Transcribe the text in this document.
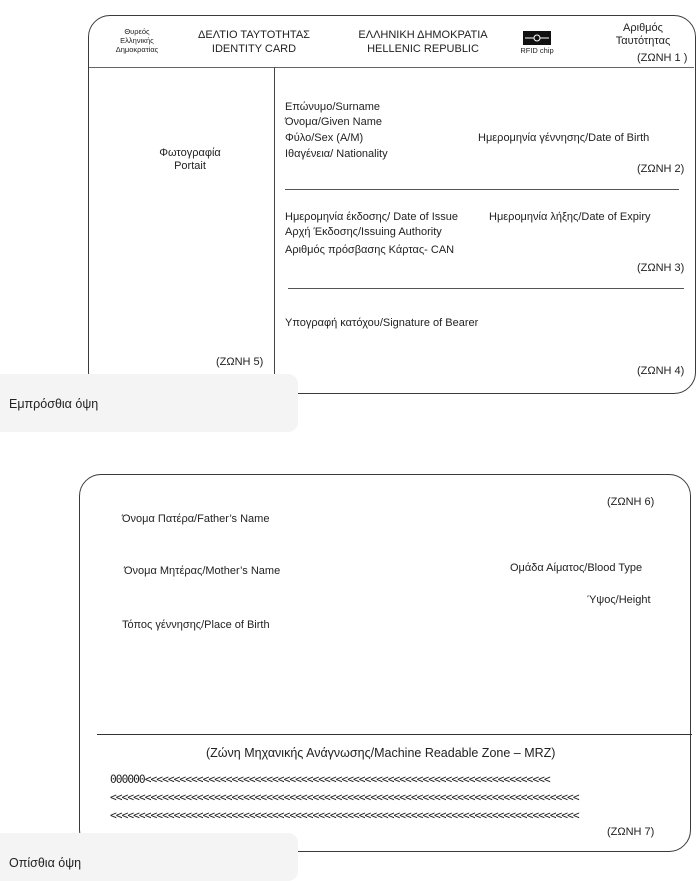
Θυρεός
Ελληνικής
Δημοκρατίας
ΔΕΛΤΙΟ ΤΑΥΤΟΤΗΤΑΣ
IDENTITY CARD
ΕΛΛΗΝΙΚΗ ΔΗΜΟΚΡΑΤΙΑ
HELLENIC REPUBLIC	RFID chip
Αριθμός
Ταυτότητας
(ΖΩΝΗ 1 )
Φωτογραφία
Portait
(ΖΩΝΗ 5)
Επώνυμο/Surname
Όνομα/Given Name
Φύλο/Sex (Α/Μ)	Ημερομηνία γέννησης/Date of Birth
Ιθαγένεια/ Nationality
(ΖΩΝΗ 2)
Ημερομηνία έκδοσης/ Date of Issue	Ημερομηνία λήξης/Date of Expiry
Αρχή Έκδοσης/Issuing Authority
Αριθμός πρόσβασης Κάρτας- CAN
(ΖΩΝΗ 3)
Υπογραφή κατόχου/Signature of Bearer
(ΖΩΝΗ 4)
Εμπρόσθια όψη
(ΖΩΝΗ 6)
Όνομα Πατέρα/Father’s Name
Όνομα Μητέρας/Mother’s Name	Ομάδα Αίματος/Blood Type
Ύψος/Height
Τόπος γέννησης/Place of Birth
(Ζώνη Μηχανικής Ανάγνωσης/Machine Readable Zone – MRZ)
000000<<<<<<<<<<<<<<<<<<<<<<<<<<<<<<<<<<<<<<<<<<<<<<<<<<<<<<<<<<<<<<<<<<<<<<
<<<<<<<<<<<<<<<<<<<<<<<<<<<<<<<<<<<<<<<<<<<<<<<<<<<<<<<<<<<<<<<<<<<<<<<<<<<<<<<<<
<<<<<<<<<<<<<<<<<<<<<<<<<<<<<<<<<<<<<<<<<<<<<<<<<<<<<<<<<<<<<<<<<<<<<<<<<<<<<<<<<
(ΖΩΝΗ 7)
Οπίσθια όψη
